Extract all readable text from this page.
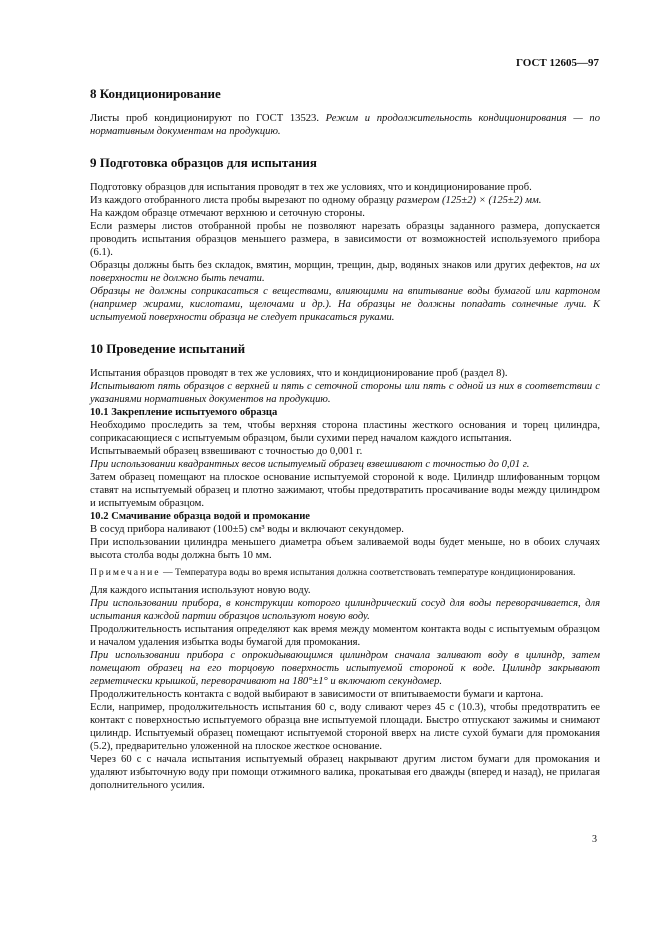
ГОСТ 12605—97
8 Кондиционирование

Листы проб кондиционируют по ГОСТ 13523. Режим и продолжительность кондиционирования — по нормативным документам на продукцию.

9 Подготовка образцов для испытания

Подготовку образцов для испытания проводят в тех же условиях, что и кондиционирование проб.

Из каждого отобранного листа пробы вырезают по одному образцу размером (125±2) × (125±2) мм.

На каждом образце отмечают верхнюю и сеточную стороны.

Если размеры листов отобранной пробы не позволяют нарезать образцы заданного размера, допускается проводить испытания образцов меньшего размера, в зависимости от возможностей используемого прибора (6.1).

Образцы должны быть без складок, вмятин, морщин, трещин, дыр, водяных знаков или других дефектов, на их поверхности не должно быть печати.

Образцы не должны соприкасаться с веществами, влияющими на впитывание воды бумагой или картоном (например жирами, кислотами, щелочами и др.). На образцы не должны попадать солнечные лучи. К испытуемой поверхности образца не следует прикасаться руками.

10 Проведение испытаний

Испытания образцов проводят в тех же условиях, что и кондиционирование проб (раздел 8).

Испытывают пять образцов с верхней и пять с сеточной стороны или пять с одной из них в соответствии с указаниями нормативных документов на продукцию.

10.1 Закрепление испытуемого образца

Необходимо проследить за тем, чтобы верхняя сторона пластины жесткого основания и торец цилиндра, соприкасающиеся с испытуемым образцом, были сухими перед началом каждого испытания.

Испытываемый образец взвешивают с точностью до 0,001 г.

При использовании квадрантных весов испытуемый образец взвешивают с точностью до 0,01 г.

Затем образец помещают на плоское основание испытуемой стороной к воде. Цилиндр шлифованным торцом ставят на испытуемый образец и плотно зажимают, чтобы предотвратить просачивание воды между цилиндром и испытуемым образцом.

10.2 Смачивание образца водой и промокание

В сосуд прибора наливают (100±5) см³ воды и включают секундомер.

При использовании цилиндра меньшего диаметра объем заливаемой воды будет меньше, но в обоих случаях высота столба воды должна быть 10 мм.

Примечание — Температура воды во время испытания должна соответствовать температуре кондиционирования.

Для каждого испытания используют новую воду.

При использовании прибора, в конструкции которого цилиндрический сосуд для воды переворачивается, для испытания каждой партии образцов используют новую воду.

Продолжительность испытания определяют как время между моментом контакта воды с испытуемым образцом и началом удаления избытка воды бумагой для промокания.

При использовании прибора с опрокидывающимся цилиндром сначала заливают воду в цилиндр, затем помещают образец на его торцовую поверхность испытуемой стороной к воде. Цилиндр закрывают герметически крышкой, переворачивают на 180°±1° и включают секундомер.

Продолжительность контакта с водой выбирают в зависимости от впитываемости бумаги и картона.

Если, например, продолжительность испытания 60 с, воду сливают через 45 с (10.3), чтобы предотвратить ее контакт с поверхностью испытуемого образца вне испытуемой площади. Быстро отпускают зажимы и снимают цилиндр. Испытуемый образец помещают испытуемой стороной вверх на листе сухой бумаги для промокания (5.2), предварительно уложенной на плоское жесткое основание.

Через 60 с с начала испытания испытуемый образец накрывают другим листом бумаги для промокания и удаляют избыточную воду при помощи отжимного валика, прокатывая его дважды (вперед и назад), не прилагая дополнительного усилия.

3
